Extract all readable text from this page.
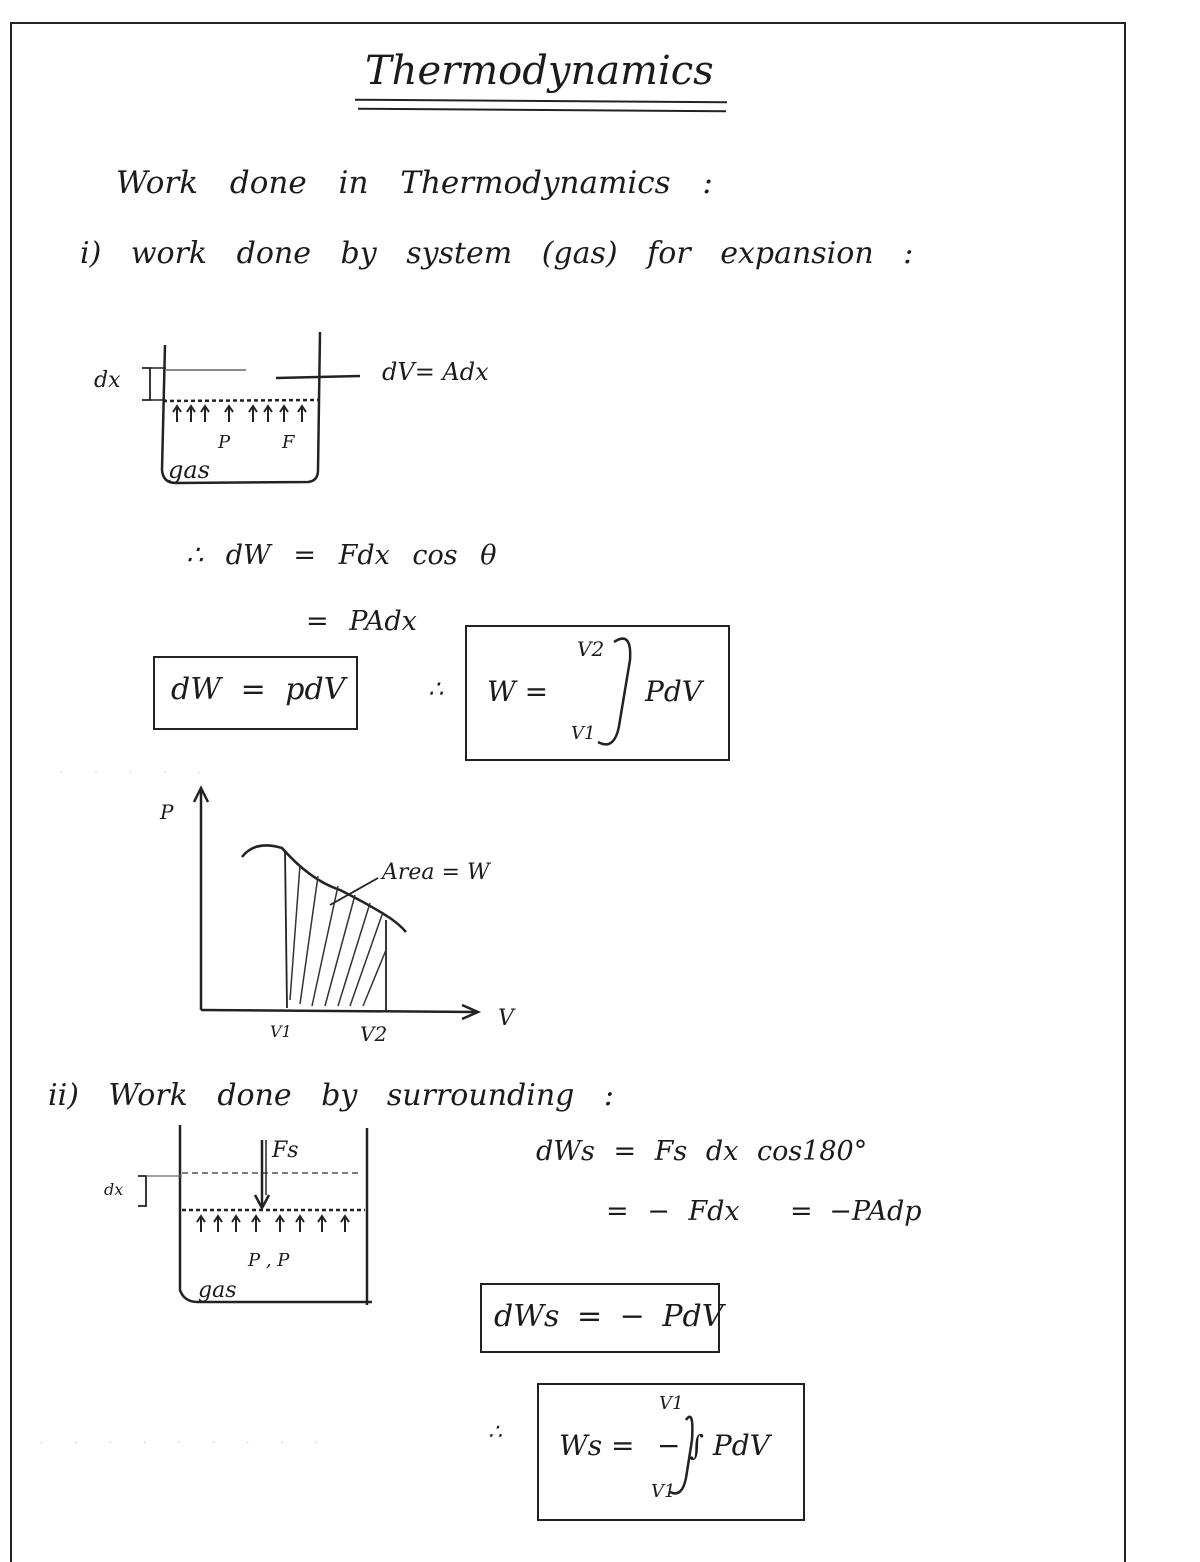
Thermodynamics
Work done in Thermodynamics :
i) work done by system (gas) for expansion :
dx	dV= Adx
P	F
gas
∴ dW = Fdx cos θ
= PAdx
dW = pdV	∴ W =
V2
V1
PdV
· · · · ·
P
V
V1	V2
Area = W
ii) Work done by surrounding :
dx
Fs
P , P
gas
dWs = Fs dx cos180°
= − Fdx = −PAdp
dWs = − PdV
∴ Ws =
V1
V1
− ∫ PdV
· · · · · · · · ·
